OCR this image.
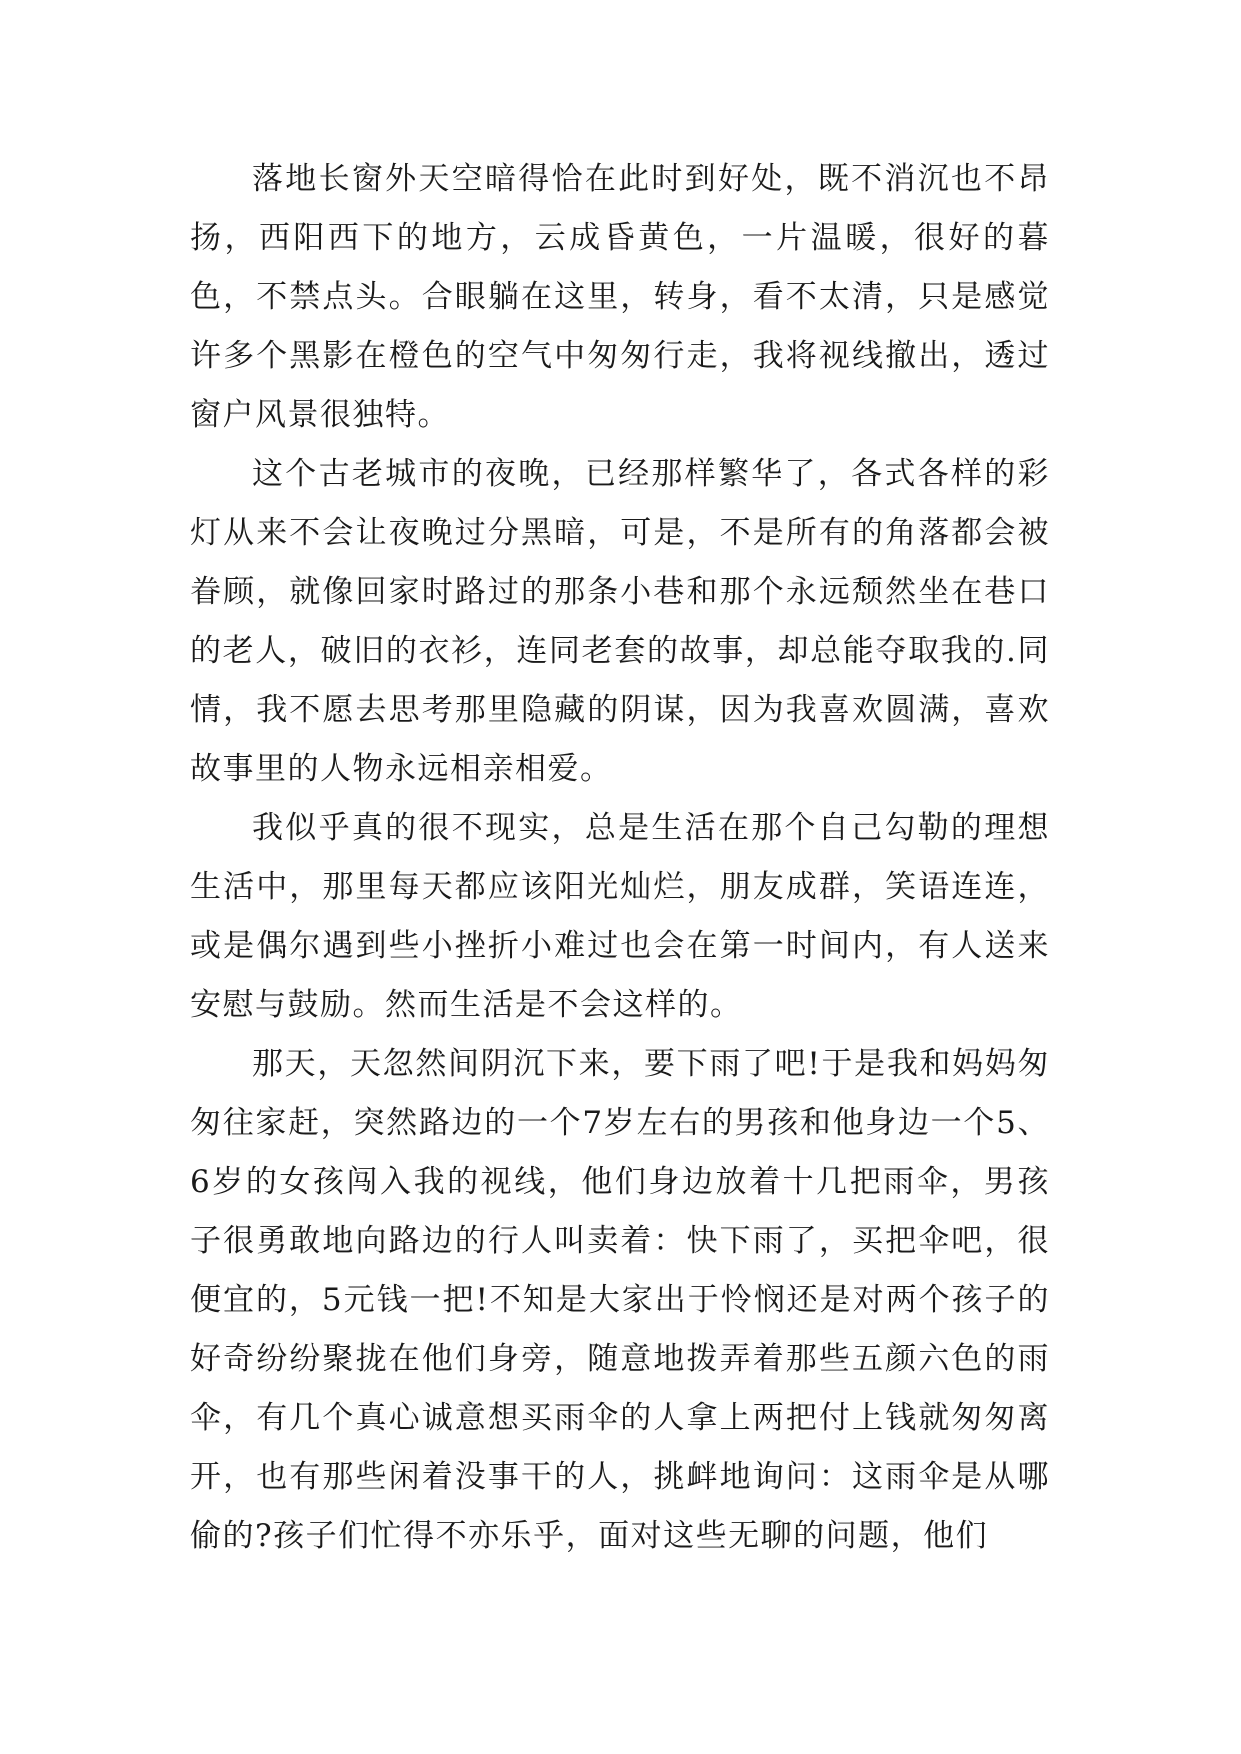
落地长窗外天空暗得恰在此时到好处，既不消沉也不昂扬，西阳西下的地方，云成昏黄色，一片温暖，很好的暮色，不禁点头。合眼躺在这里，转身，看不太清，只是感觉许多个黑影在橙色的空气中匆匆行走，我将视线撤出，透过窗户风景很独特。

这个古老城市的夜晚，已经那样繁华了，各式各样的彩灯从来不会让夜晚过分黑暗，可是，不是所有的角落都会被眷顾，就像回家时路过的那条小巷和那个永远颓然坐在巷口的老人，破旧的衣衫，连同老套的故事，却总能夺取我的.同情，我不愿去思考那里隐藏的阴谋，因为我喜欢圆满，喜欢故事里的人物永远相亲相爱。

我似乎真的很不现实，总是生活在那个自己勾勒的理想生活中，那里每天都应该阳光灿烂，朋友成群，笑语连连，或是偶尔遇到些小挫折小难过也会在第一时间内，有人送来安慰与鼓励。然而生活是不会这样的。

那天，天忽然间阴沉下来，要下雨了吧!于是我和妈妈匆匆往家赶，突然路边的一个7岁左右的男孩和他身边一个5、6岁的女孩闯入我的视线，他们身边放着十几把雨伞，男孩子很勇敢地向路边的行人叫卖着：快下雨了，买把伞吧，很便宜的，5元钱一把!不知是大家出于怜悯还是对两个孩子的好奇纷纷聚拢在他们身旁，随意地拨弄着那些五颜六色的雨伞，有几个真心诚意想买雨伞的人拿上两把付上钱就匆匆离开，也有那些闲着没事干的人，挑衅地询问：这雨伞是从哪偷的?孩子们忙得不亦乐乎，面对这些无聊的问题，他们
